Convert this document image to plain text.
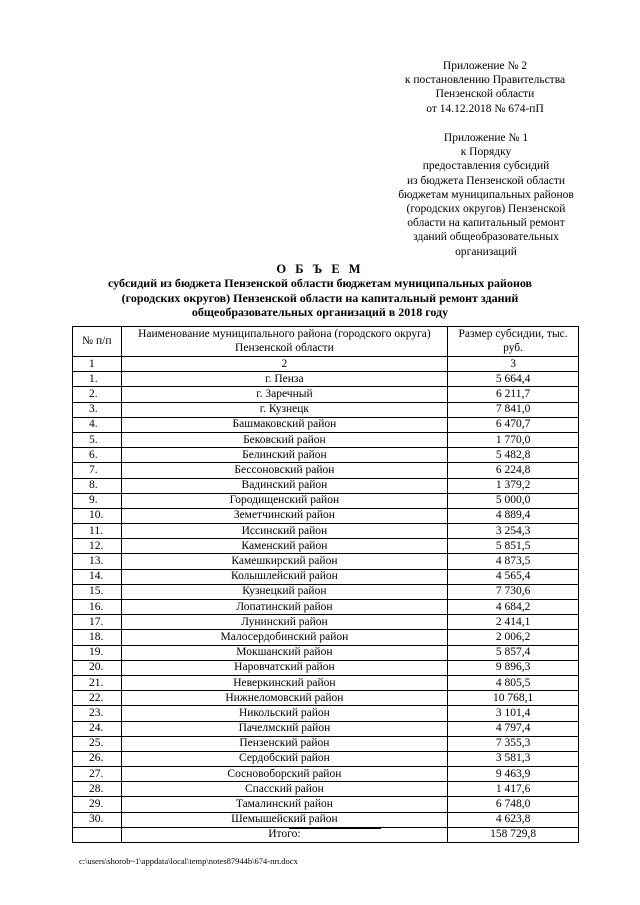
Приложение № 2
к постановлению Правительства
Пензенской области
от 14.12.2018 № 674-пП
Приложение № 1
к Порядку
предоставления субсидий
из бюджета Пензенской области
бюджетам муниципальных районов
(городских округов) Пензенской
области на капитальный ремонт
зданий общеобразовательных
организаций
О Б Ъ Е М
субсидий из бюджета Пензенской области бюджетам муниципальных районов
(городских округов) Пензенской области на капитальный ремонт зданий
общеобразовательных организаций в 2018 году
№ п/п	Наименование муниципального района (городского округа) Пензенской области	Размер субсидии, тыс. руб.
1	2	3
1.	г. Пенза	5 664,4
2.	г. Заречный	6 211,7
3.	г. Кузнецк	7 841,0
4.	Башмаковский район	6 470,7
5.	Бековский район	1 770,0
6.	Белинский район	5 482,8
7.	Бессоновский район	6 224,8
8.	Вадинский район	1 379,2
9.	Городищенский район	5 000,0
10.	Земетчинский район	4 889,4
11.	Иссинский район	3 254,3
12.	Каменский район	5 851,5
13.	Камешкирский район	4 873,5
14.	Колышлейский район	4 565,4
15.	Кузнецкий район	7 730,6
16.	Лопатинский район	4 684,2
17.	Лунинский район	2 414,1
18.	Малосердобинский район	2 006,2
19.	Мокшанский район	5 857,4
20.	Наровчатский район	9 896,3
21.	Неверкинский район	4 805,5
22.	Нижнеломовский район	10 768,1
23.	Никольский район	3 101,4
24.	Пачелмский район	4 797,4
25.	Пензенский район	7 355,3
26.	Сердобский район	3 581,3
27.	Сосновоборский район	9 463,9
28.	Спасский район	1 417,6
29.	Тамалинский район	6 748,0
30.	Шемышейский район	4 623,8
	Итого:	158 729,8
c:\users\shorob~1\appdata\local\temp\notes87944b\674-пп.docx
